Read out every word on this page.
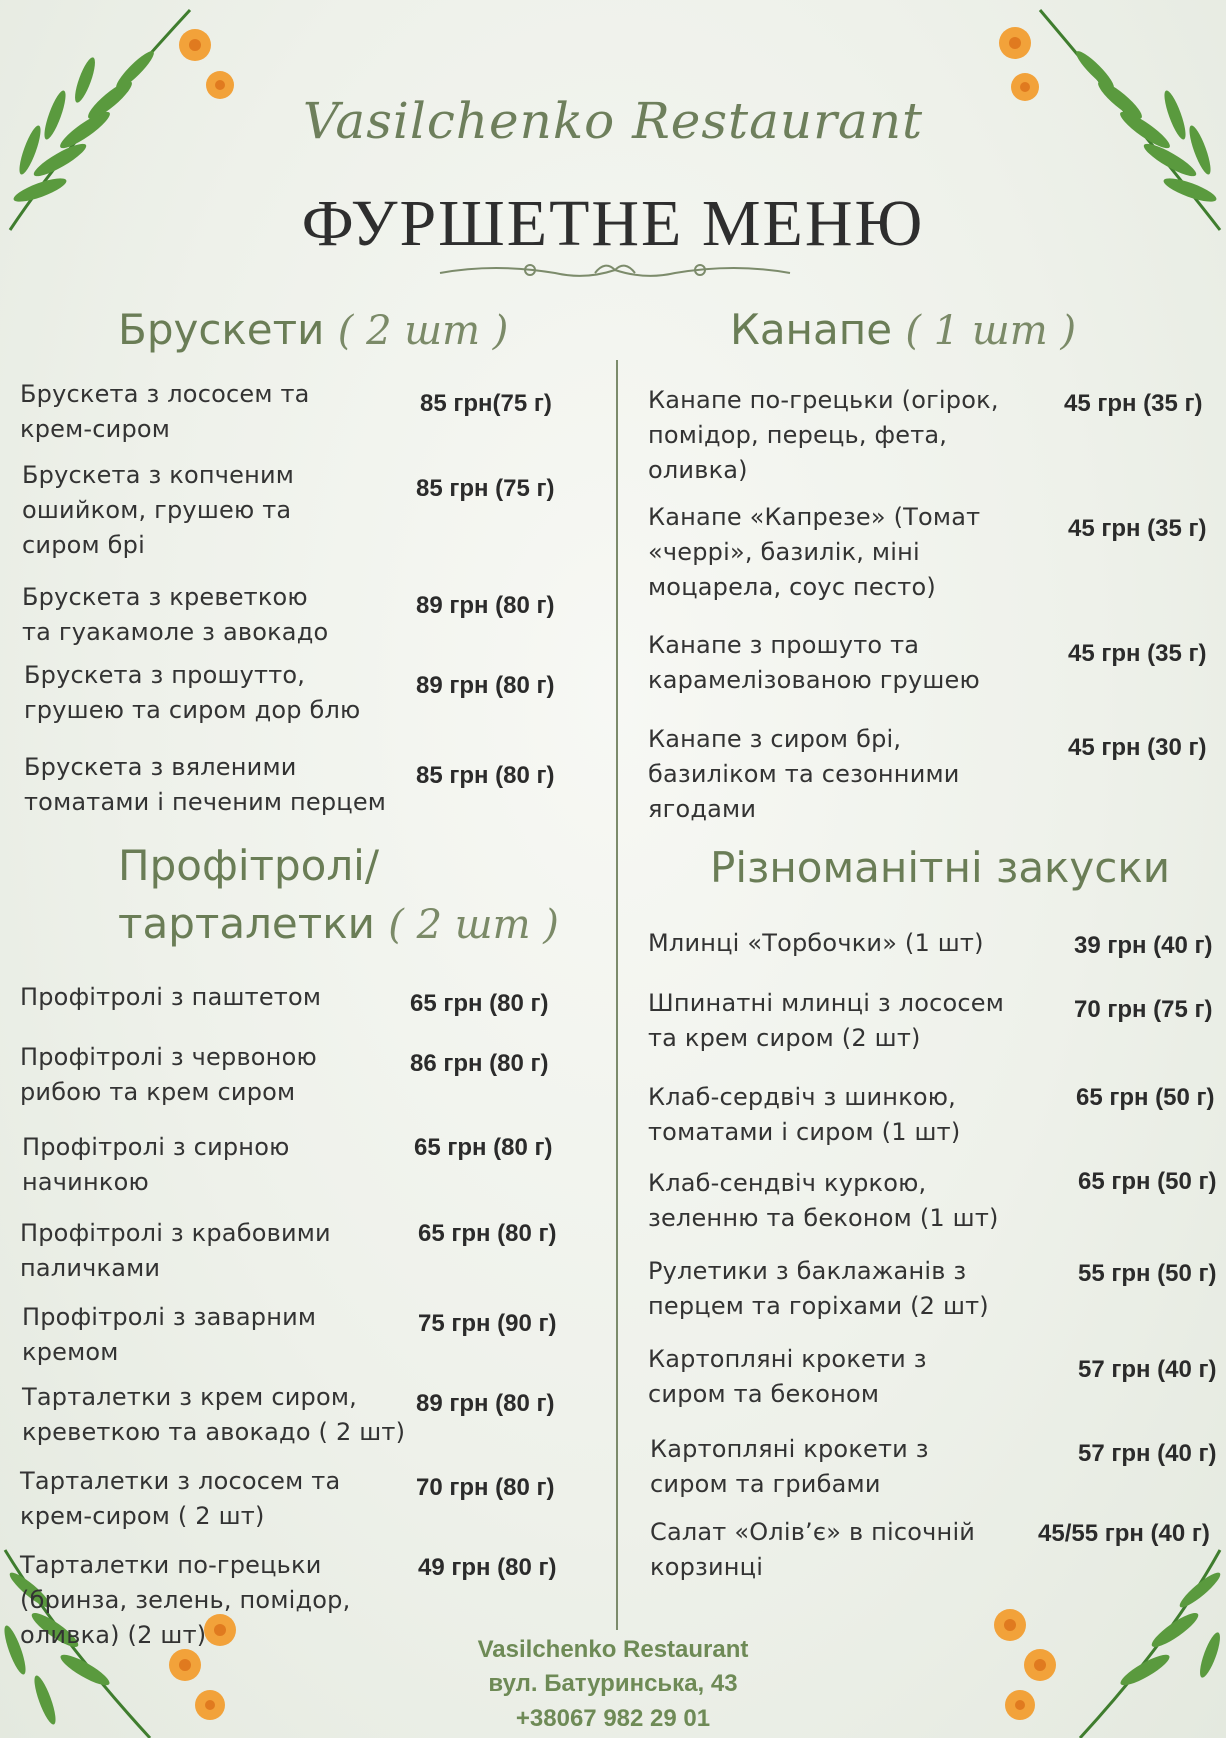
Vasilchenko Restaurant
ФУРШЕТНЕ МЕНЮ
Брускети ( 2 шт )
Брускета з лососем та крем-сиром
85 грн(75 г)
Брускета з копченим ошийком, грушею та сиром брі
85 грн (75 г)
Брускета з креветкою та гуакамоле з авокадо
89 грн (80 г)
Брускета з прошутто, грушею та сиром дор блю
89 грн (80 г)
Брускета з вяленими томатами і печеним перцем
85 грн (80 г)
Профітролі/
тарталетки ( 2 шт )
Профітролі з паштетом	65 грн (80 г)
Профітролі з червоною рибою та крем сиром
86 грн (80 г)
Профітролі з сирною начинкою
65 грн (80 г)
Профітролі з крабовими паличками
65 грн (80 г)
Профітролі з заварним кремом
75 грн (90 г)
Тарталетки з крем сиром, креветкою та авокадо ( 2 шт)
89 грн (80 г)
Тарталетки з лососем та крем-сиром ( 2 шт)
70 грн (80 г)
Тарталетки по-грецьки (бринза, зелень, помідор, оливка) (2 шт)
49 грн (80 г)
Канапе ( 1 шт )
Канапе по-грецьки (огірок, помідор, перець, фета, оливка)
45 грн (35 г)
Канапе «Капрезе» (Томат «черрі», базилік, міні моцарела, соус песто)
45 грн (35 г)
Канапе з прошуто та карамелізованою грушею
45 грн (35 г)
Канапе з сиром брі, базиліком та сезонними ягодами
45 грн (30 г)
Різноманітні закуски
Млинці «Торбочки» (1 шт)	39 грн (40 г)
Шпинатні млинці з лососем та крем сиром (2 шт)
70 грн (75 г)
Клаб-сердвіч з шинкою, томатами і сиром (1 шт)
65 грн (50 г)
Клаб-сендвіч куркою, зеленню та беконом (1 шт)
65 грн (50 г)
Рулетики з баклажанів з перцем та горіхами (2 шт)
55 грн (50 г)
Картопляні крокети з сиром та беконом
57 грн (40 г)
Картопляні крокети з сиром та грибами
57 грн (40 г)
Салат «Олів’є» в пісочній корзинці
45/55 грн (40 г)
Vasilchenko Restaurant
вул. Батуринська, 43
+38067 982 29 01
